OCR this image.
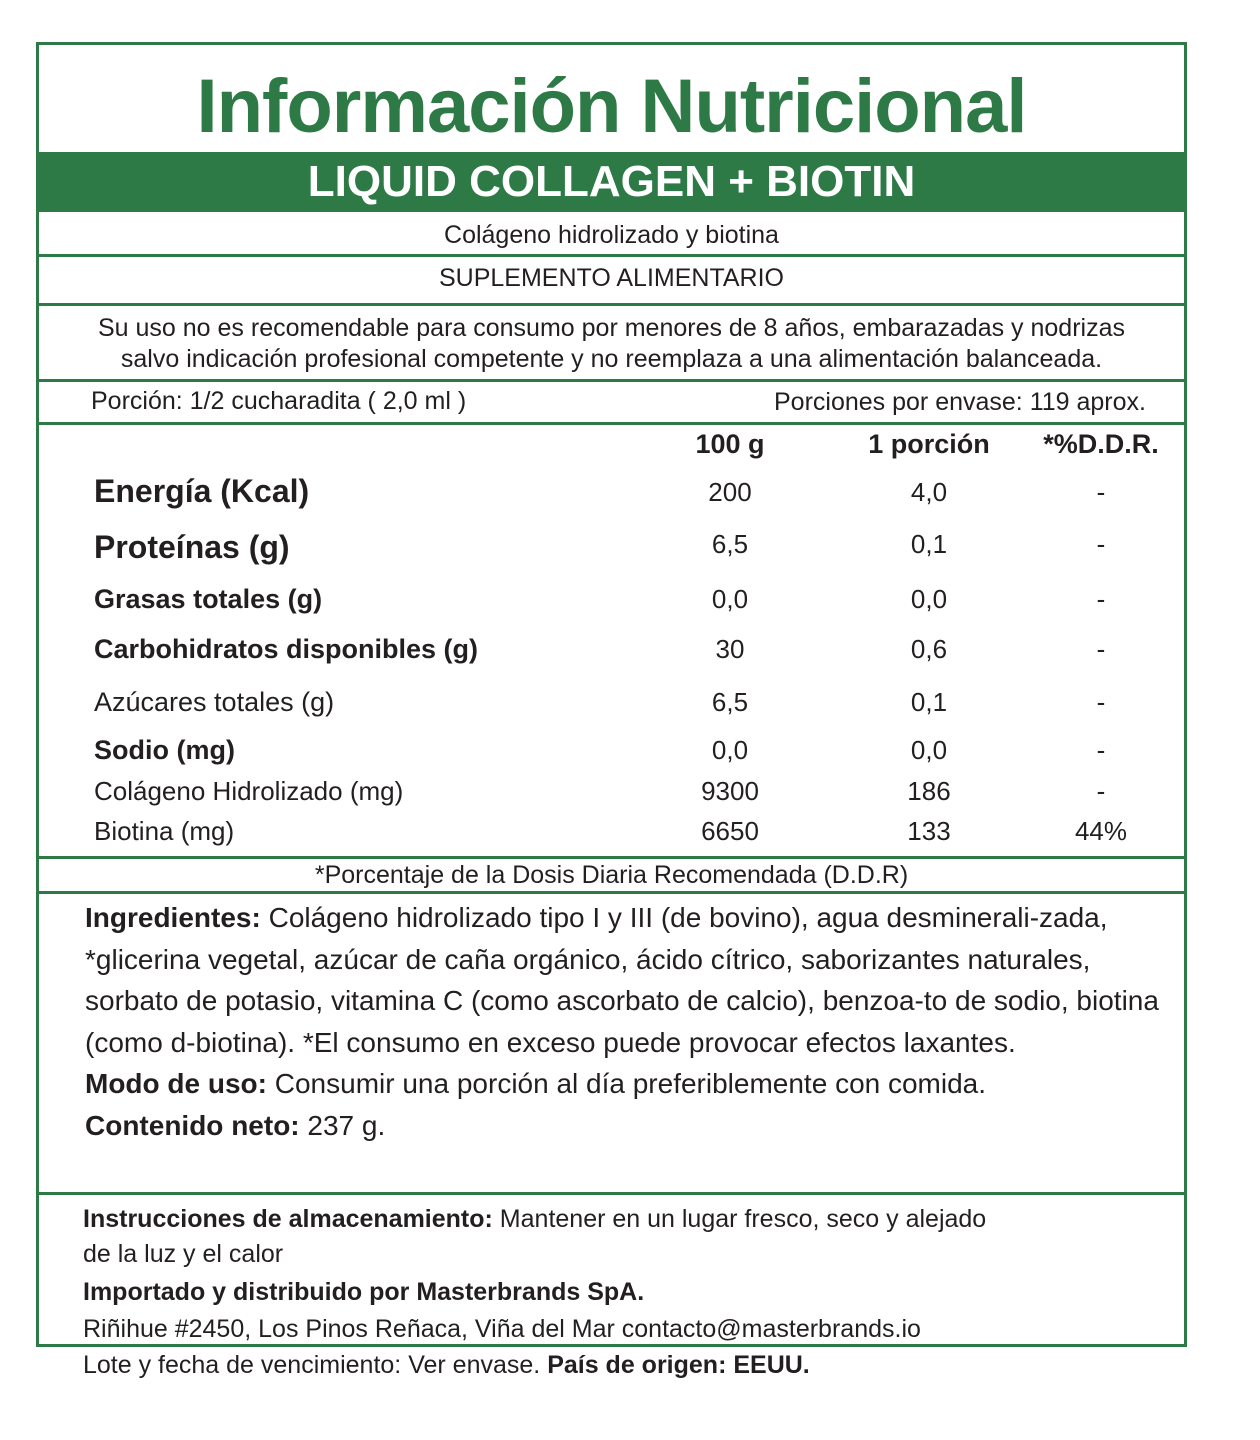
Información Nutricional
LIQUID COLLAGEN + BIOTIN
Colágeno hidrolizado y biotina
SUPLEMENTO ALIMENTARIO
Su uso no es recomendable para consumo por menores de 8 años, embarazadas y nodrizas
salvo indicación profesional competente y no reemplaza a una alimentación balanceada.
Porción: 1/2 cucharadita ( 2,0 ml )	Porciones por envase: 119 aprox.
100 g	1 porción	*%D.D.R.
Energía (Kcal)	200	4,0	-
Proteínas (g)	6,5	0,1	-
Grasas totales (g)	0,0	0,0	-
Carbohidratos disponibles (g)	30	0,6	-
Azúcares totales (g)	6,5	0,1	-
Sodio (mg)	0,0	0,0	-
Colágeno Hidrolizado (mg)	9300	186	-
Biotina (mg)	6650	133	44%
*Porcentaje de la Dosis Diaria Recomendada (D.D.R)
Ingredientes: Colágeno hidrolizado tipo I y III (de bovino), agua desminerali-zada, *glicerina vegetal, azúcar de caña orgánico, ácido cítrico, saborizantes naturales, sorbato de potasio, vitamina C (como ascorbato de calcio), benzoa-to de sodio, biotina (como d-biotina). *El consumo en exceso puede provocar efectos laxantes.
Modo de uso: Consumir una porción al día preferiblemente con comida.
Contenido neto: 237 g.
Instrucciones de almacenamiento: Mantener en un lugar fresco, seco y alejado
de la luz y el calor
Importado y distribuido por Masterbrands SpA.
Riñihue #2450, Los Pinos Reñaca, Viña del Mar contacto@masterbrands.io
Lote y fecha de vencimiento: Ver envase. País de origen: EEUU.
